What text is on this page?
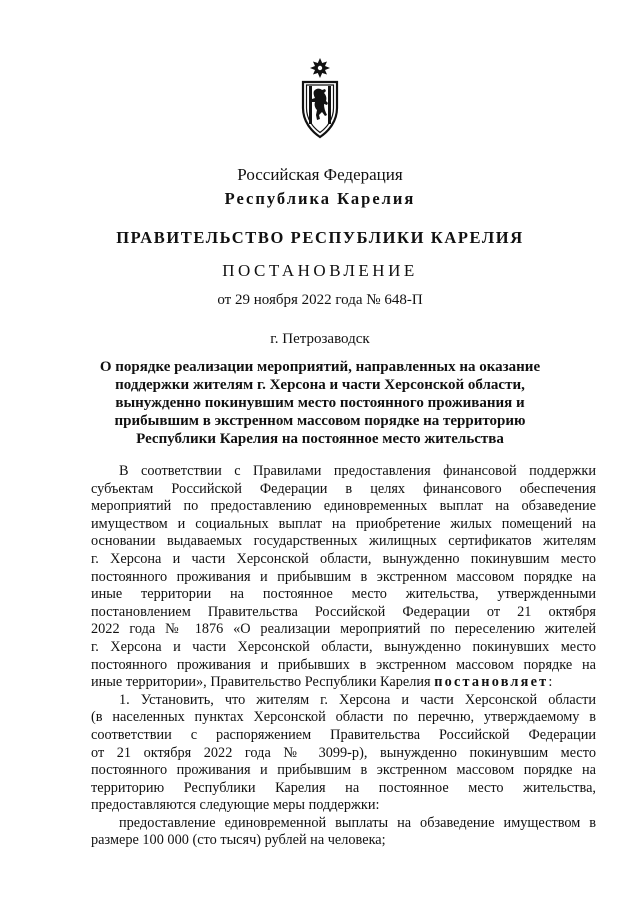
Российская Федерация
Республика Карелия
ПРАВИТЕЛЬСТВО РЕСПУБЛИКИ КАРЕЛИЯ
ПОСТАНОВЛЕНИЕ
от 29 ноября 2022 года № 648-П
г. Петрозаводск
О порядке реализации мероприятий, направленных на оказание
поддержки жителям г. Херсона и части Херсонской области,
вынужденно покинувшим место постоянного проживания и
прибывшим в экстренном массовом порядке на территорию
Республики Карелия на постоянное место жительства
В соответствии с Правилами предоставления финансовой поддержки
субъектам Российской Федерации в целях финансового обеспечения
мероприятий по предоставлению единовременных выплат на обзаведение
имуществом и социальных выплат на приобретение жилых помещений на
основании выдаваемых государственных жилищных сертификатов жителям
г. Херсона и части Херсонской области, вынужденно покинувшим место
постоянного проживания и прибывшим в экстренном массовом порядке на
иные территории на постоянное место жительства, утвержденными
постановлением Правительства Российской Федерации от 21 октября
2022 года № 1876 «О реализации мероприятий по переселению жителей
г. Херсона и части Херсонской области, вынужденно покинувших место
постоянного проживания и прибывших в экстренном массовом порядке на
иные территории», Правительство Республики Карелия постановляет:
1. Установить, что жителям г. Херсона и части Херсонской области
(в населенных пунктах Херсонской области по перечню, утверждаемому в
соответствии с распоряжением Правительства Российской Федерации
от 21 октября 2022 года № 3099-р), вынужденно покинувшим место
постоянного проживания и прибывшим в экстренном массовом порядке на
территорию Республики Карелия на постоянное место жительства,
предоставляются следующие меры поддержки:
предоставление единовременной выплаты на обзаведение имуществом в
размере 100 000 (сто тысяч) рублей на человека;
